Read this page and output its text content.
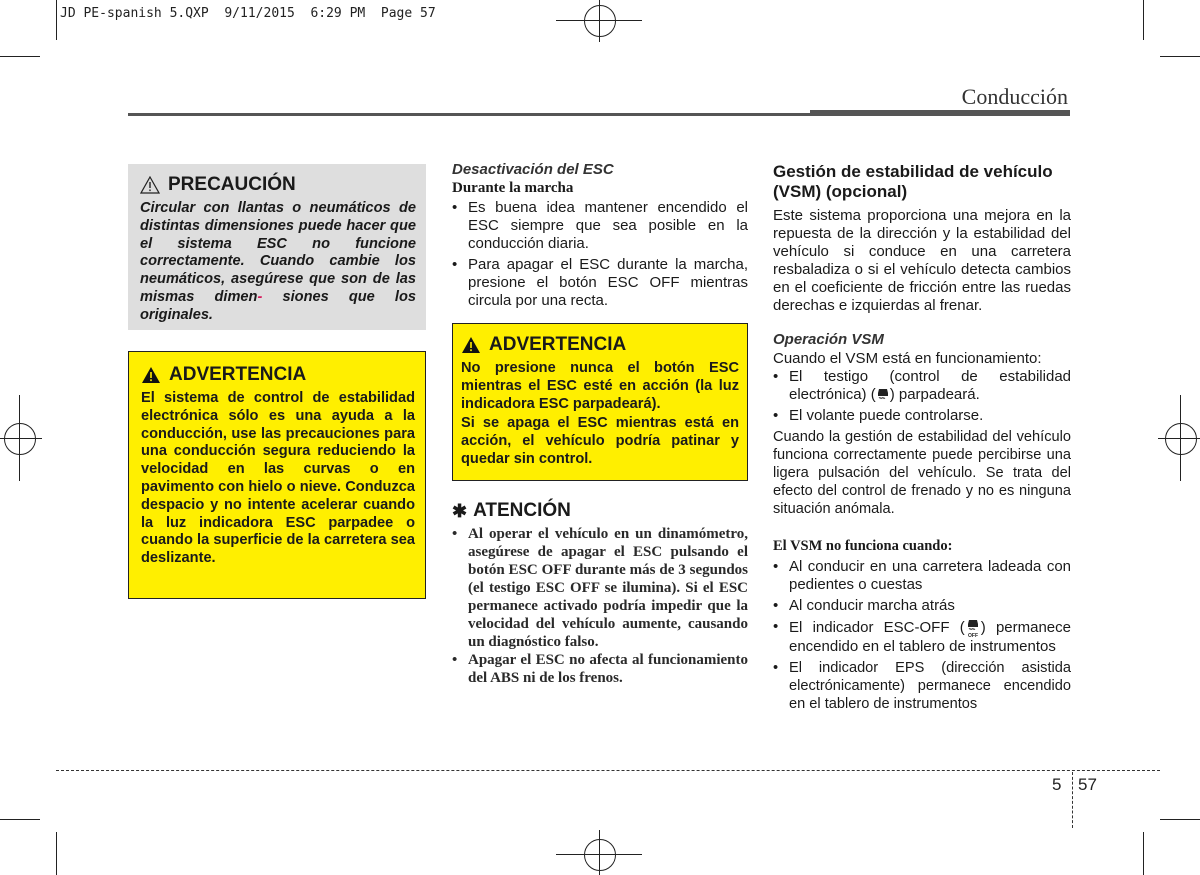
JD PE-spanish 5.QXP  9/11/2015  6:29 PM  Page 57
Conducción
PRECAUCIÓN

Circular con llantas o neumáticos de distintas dimensiones puede hacer que el sistema ESC no funcione correctamente. Cuando cambie los neumáticos, asegúrese que son de las mismas dimen- siones que los originales.

ADVERTENCIA

El sistema de control de estabilidad electrónica sólo es una ayuda a la conducción, use las precauciones para una conducción segura reduciendo la velocidad en las curvas o en pavimento con hielo o nieve. Conduzca despacio y no intente acelerar cuando la luz indicadora ESC parpadee o cuando la superficie de la carretera sea deslizante.

Desactivación del ESC
Durante la marcha
• Es buena idea mantener encendido el ESC siempre que sea posible en la conducción diaria.
• Para apagar el ESC durante la marcha, presione el botón ESC OFF mientras circula por una recta.
ADVERTENCIA

No presione nunca el botón ESC mientras el ESC esté en acción (la luz indicadora ESC parpadeará).

Si se apaga el ESC mientras está en acción, el vehículo podría patinar y quedar sin control.

✱ ATENCIÓN
• Al operar el vehículo en un dinamómetro, asegúrese de apagar el ESC pulsando el botón ESC OFF durante más de 3 segundos (el testigo ESC OFF se ilumina). Si el ESC permanece activado podría impedir que la velocidad del vehículo aumente, causando un diagnóstico falso.
• Apagar el ESC no afecta al funcionamiento del ABS ni de los frenos.
Gestión de estabilidad de vehículo (VSM) (opcional)

Este sistema proporciona una mejora en la repuesta de la dirección y la estabilidad del vehículo si conduce en una carretera resbaladiza o si el vehículo detecta cambios en el coeficiente de fricción entre las ruedas derechas e izquierdas al frenar.

Operación VSM

Cuando el VSM está en funcionamiento:

• El testigo (control de estabilidad electrónica) ( ) parpadeará.
• El volante puede controlarse.

Cuando la gestión de estabilidad del vehículo funciona correctamente puede percibirse una ligera pulsación del vehículo. Se trata del efecto del control de frenado y no es ninguna situación anómala.

El VSM no funciona cuando:
• Al conducir en una carretera ladeada con pedientes o cuestas
• Al conducir marcha atrás
• El indicador ESC-OFF ( OFF ) permanece encendido en el tablero de instrumentos
• El indicador EPS (dirección asistida electrónicamente) permanece encendido en el tablero de instrumentos
5 57
